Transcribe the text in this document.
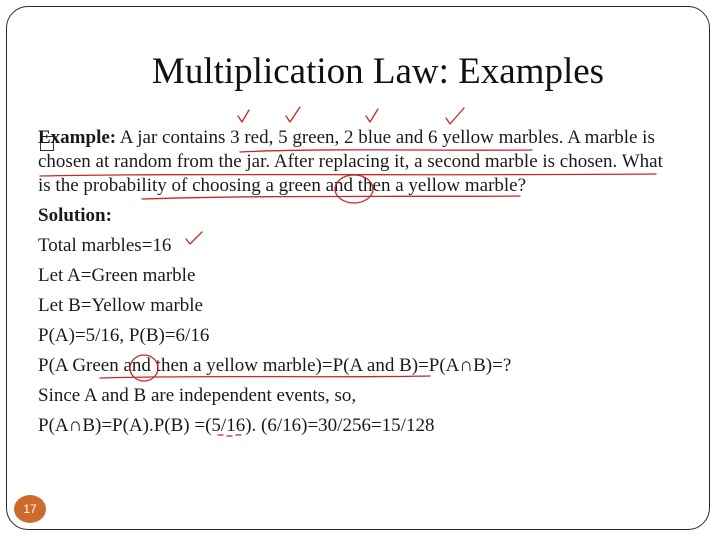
Multiplication Law: Examples
Example: A jar contains 3 red, 5 green, 2 blue and 6 yellow marbles. A marble is
chosen at random from the jar. After replacing it, a second marble is chosen. What
is the probability of choosing a green and then a yellow marble?
Solution:
Total marbles=16
Let A=Green marble
Let B=Yellow marble
P(A)=5/16, P(B)=6/16
P(A Green and then a yellow marble)=P(A and B)=P(A∩B)=?
Since A and B are independent events, so,
P(A∩B)=P(A).P(B) =(5/16). (6/16)=30/256=15/128
17
